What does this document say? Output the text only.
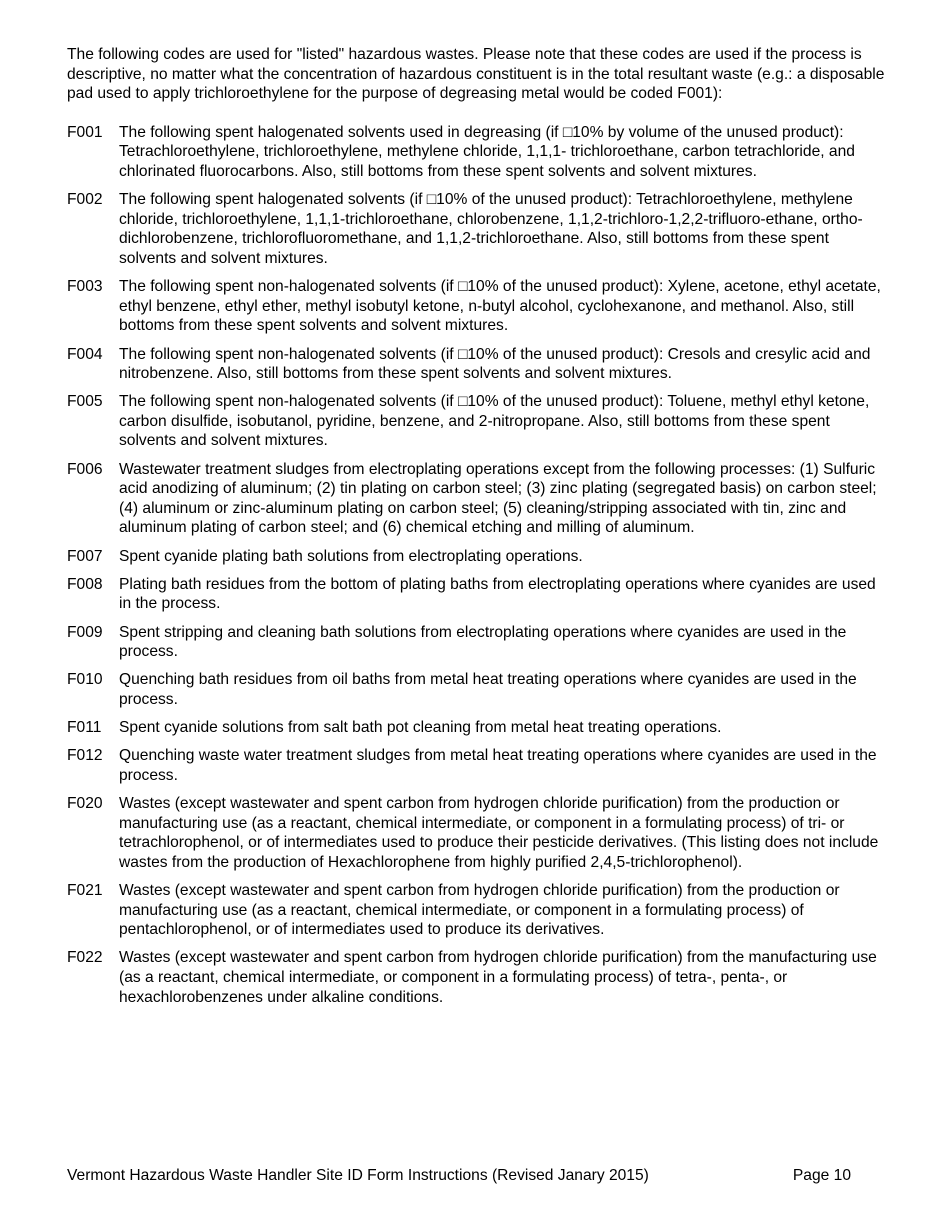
The following codes are used for "listed" hazardous wastes. Please note that these codes are used if the process is descriptive, no matter what the concentration of hazardous constituent is in the total resultant waste (e.g.: a disposable pad used to apply trichloroethylene for the purpose of degreasing metal would be coded F001):

F001	The following spent halogenated solvents used in degreasing (if □10% by volume of the unused product): Tetrachloroethylene, trichloroethylene, methylene chloride, 1,1,1- trichloroethane, carbon tetrachloride, and chlorinated fluorocarbons. Also, still bottoms from these spent solvents and solvent mixtures.
F002	The following spent halogenated solvents (if □10% of the unused product): Tetrachloroethylene, methylene chloride, trichloroethylene, 1,1,1-trichloroethane, chlorobenzene, 1,1,2-trichloro-1,2,2-trifluoro-ethane, ortho-dichlorobenzene, trichlorofluoromethane, and 1,1,2-trichloroethane. Also, still bottoms from these spent solvents and solvent mixtures.
F003	The following spent non-halogenated solvents (if □10% of the unused product): Xylene, acetone, ethyl acetate, ethyl benzene, ethyl ether, methyl isobutyl ketone, n-butyl alcohol, cyclohexanone, and methanol. Also, still bottoms from these spent solvents and solvent mixtures.
F004	The following spent non-halogenated solvents (if □10% of the unused product): Cresols and cresylic acid and nitrobenzene. Also, still bottoms from these spent solvents and solvent mixtures.
F005	The following spent non-halogenated solvents (if □10% of the unused product): Toluene, methyl ethyl ketone, carbon disulfide, isobutanol, pyridine, benzene, and 2-nitropropane. Also, still bottoms from these spent solvents and solvent mixtures.
F006	Wastewater treatment sludges from electroplating operations except from the following processes: (1) Sulfuric acid anodizing of aluminum; (2) tin plating on carbon steel; (3) zinc plating (segregated basis) on carbon steel; (4) aluminum or zinc-aluminum plating on carbon steel; (5) cleaning/stripping associated with tin, zinc and aluminum plating of carbon steel; and (6) chemical etching and milling of aluminum.
F007	Spent cyanide plating bath solutions from electroplating operations.
F008	Plating bath residues from the bottom of plating baths from electroplating operations where cyanides are used in the process.
F009	Spent stripping and cleaning bath solutions from electroplating operations where cyanides are used in the process.
F010	Quenching bath residues from oil baths from metal heat treating operations where cyanides are used in the process.
F011	Spent cyanide solutions from salt bath pot cleaning from metal heat treating operations.
F012	Quenching waste water treatment sludges from metal heat treating operations where cyanides are used in the process.
F020	Wastes (except wastewater and spent carbon from hydrogen chloride purification) from the production or manufacturing use (as a reactant, chemical intermediate, or component in a formulating process) of tri- or tetrachlorophenol, or of intermediates used to produce their pesticide derivatives. (This listing does not include wastes from the production of Hexachlorophene from highly purified 2,4,5-trichlorophenol).
F021	Wastes (except wastewater and spent carbon from hydrogen chloride purification) from the production or manufacturing use (as a reactant, chemical intermediate, or component in a formulating process) of pentachlorophenol, or of intermediates used to produce its derivatives.
F022	Wastes (except wastewater and spent carbon from hydrogen chloride purification) from the manufacturing use (as a reactant, chemical intermediate, or component in a formulating process) of tetra-, penta-, or hexachlorobenzenes under alkaline conditions.
Vermont Hazardous Waste Handler Site ID Form Instructions (Revised Janary 2015)	Page 10
